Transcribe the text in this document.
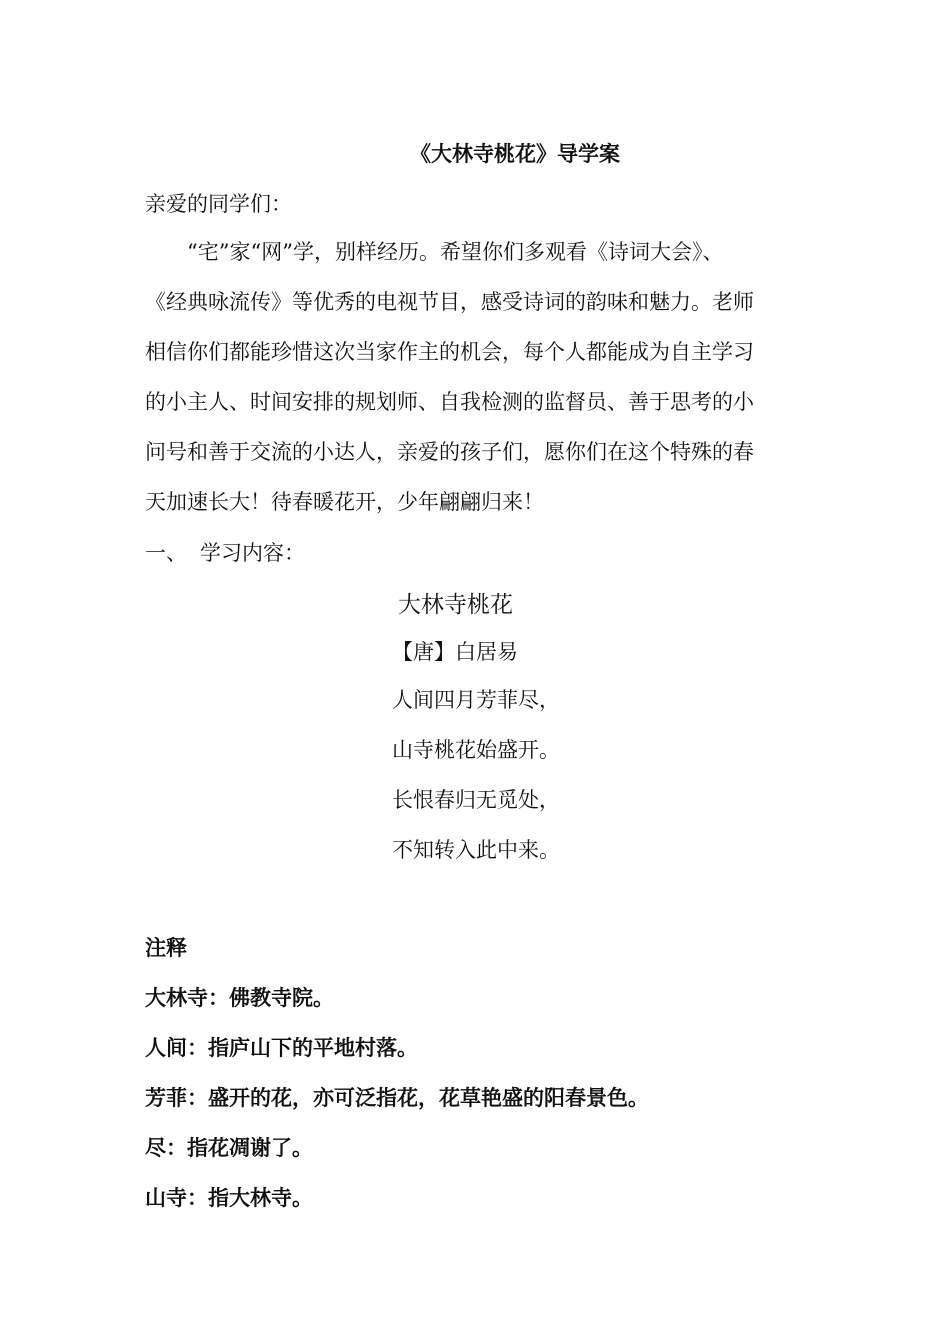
《大林寺桃花》导学案
亲爱的同学们：
“宅”家“网”学，别样经历。希望你们多观看《诗词大会》、
《经典咏流传》等优秀的电视节目，感受诗词的韵味和魅力。老师
相信你们都能珍惜这次当家作主的机会，每个人都能成为自主学习
的小主人、时间安排的规划师、自我检测的监督员、善于思考的小
问号和善于交流的小达人，亲爱的孩子们，愿你们在这个特殊的春
天加速长大！待春暖花开，少年翩翩归来！
一、 学习内容：
大林寺桃花
【唐】白居易
人间四月芳菲尽，
山寺桃花始盛开。
长恨春归无觅处，
不知转入此中来。
注释
大林寺：佛教寺院。
人间：指庐山下的平地村落。
芳菲：盛开的花，亦可泛指花，花草艳盛的阳春景色。
尽：指花凋谢了。
山寺：指大林寺。
